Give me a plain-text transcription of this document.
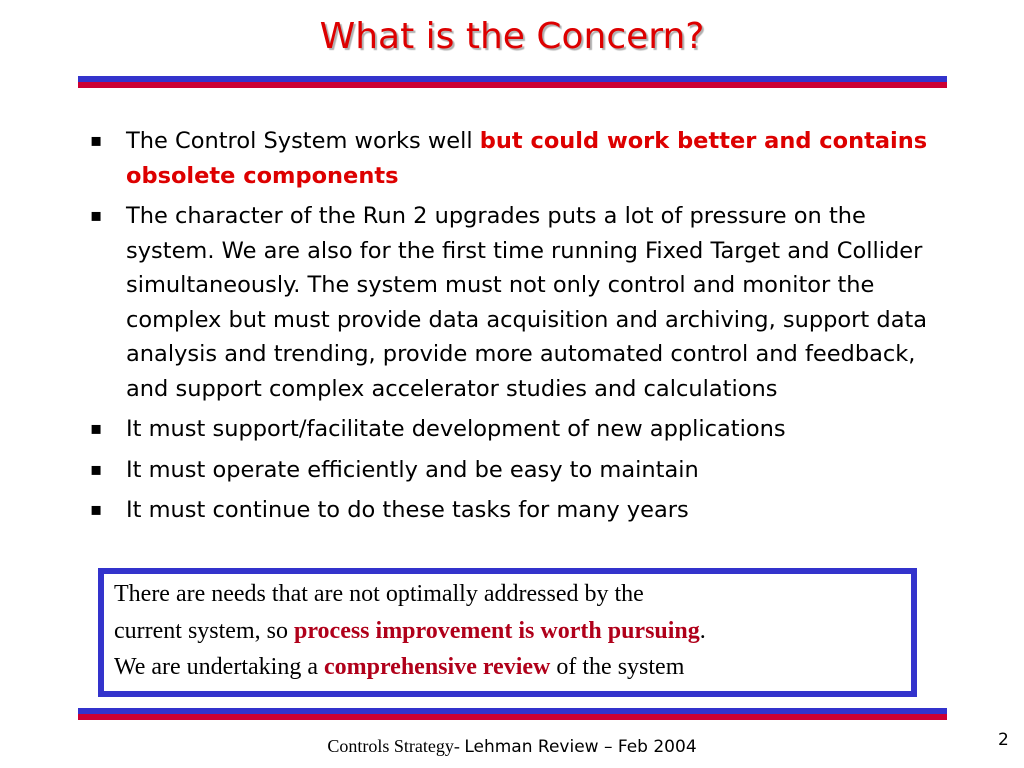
What is the Concern?
▪
The Control System works well but could work better and contains obsolete components
▪
The character of the Run 2 upgrades puts a lot of pressure on the system. We are also for the first time running Fixed Target and Collider simultaneously. The system must not only control and monitor the complex but must provide data acquisition and archiving, support data analysis and trending, provide more automated control and feedback, and support complex accelerator studies and calculations
▪
It must support/facilitate development of new applications
▪
It must operate efficiently and be easy to maintain
▪
It must continue to do these tasks for many years
There are needs that are not optimally addressed by the
current system, so process improvement is worth pursuing.
We are undertaking a comprehensive review of the system
Controls Strategy- Lehman Review – Feb 2004	2
